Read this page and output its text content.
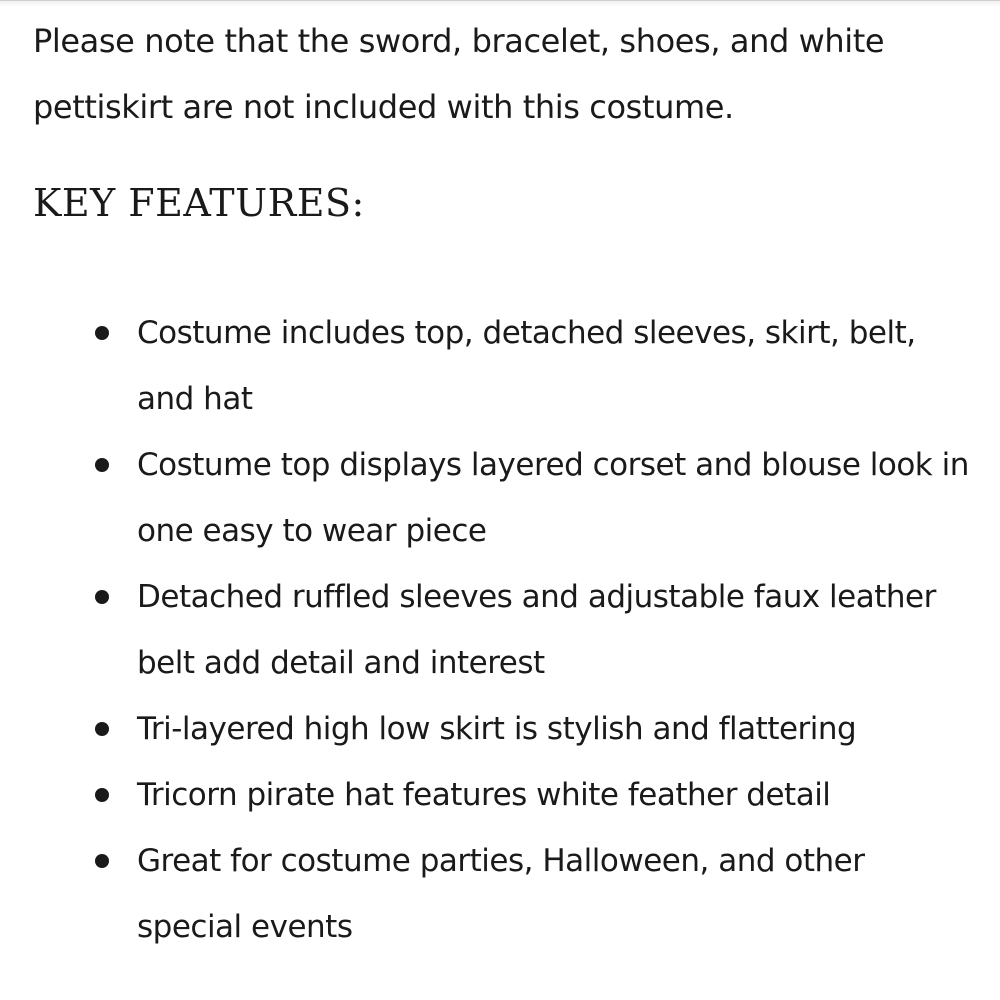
Please note that the sword, bracelet, shoes, and white pettiskirt are not included with this costume.

KEY FEATURES:
Costume includes top, detached sleeves, skirt, belt, and hat
Costume top displays layered corset and blouse look in one easy to wear piece
Detached ruffled sleeves and adjustable faux leather belt add detail and interest
Tri-layered high low skirt is stylish and flattering
Tricorn pirate hat features white feather detail
Great for costume parties, Halloween, and other special events
